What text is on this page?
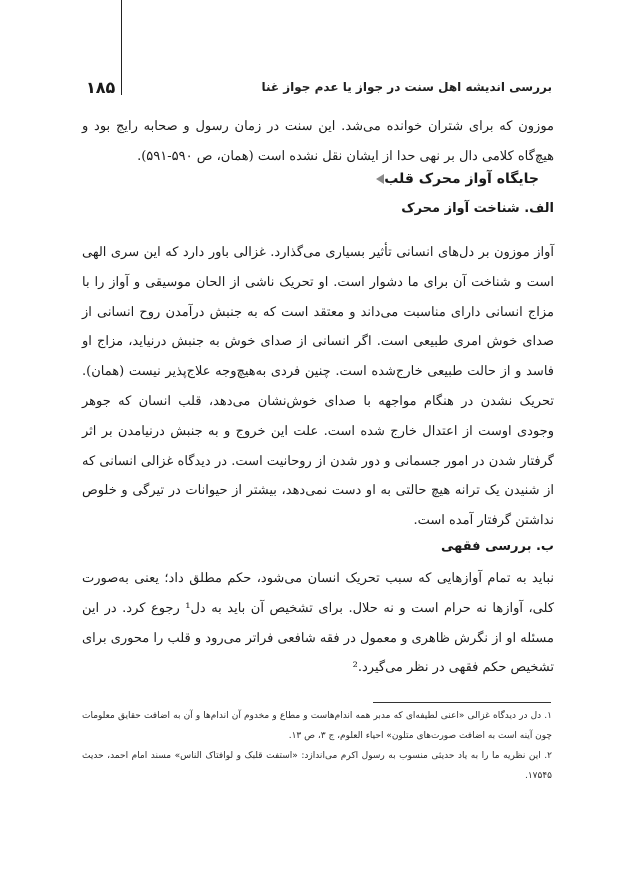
۱۸۵	بررسی اندیشه اهل سنت در جواز یا عدم جواز غنا

موزون که برای شتران خوانده می‌شد. این سنت در زمان رسول و صحابه رایج بود و هیچ‌گاه کلامی دال بر نهی حدا از ایشان نقل نشده است (همان، ص ۵۹۰-۵۹۱).

جایگاه آواز محرک قلب
الف. شناخت آواز محرک

آواز موزون بر دل‌های انسانی تأثیر بسیاری می‌گذارد. غزالی باور دارد که این سری الهی است و شناخت آن برای ما دشوار است. او تحریک ناشی از الحان موسیقی و آواز را با مزاج انسانی دارای مناسبت می‌داند و معتقد است که به جنبش درآمدن روح انسانی از صدای خوش امری طبیعی است. اگر انسانی از صدای خوش به جنبش درنیاید، مزاج او فاسد و از حالت طبیعی خارج‌شده است. چنین فردی به‌هیچ‌وجه علاج‌پذیر نیست (همان). تحریک نشدن در هنگام مواجهه با صدای خوش‌نشان می‌دهد، قلب انسان که جوهر وجودی اوست از اعتدال خارج شده است. علت این خروج و به جنبش درنیامدن بر اثر گرفتار شدن در امور جسمانی و دور شدن از روحانیت است. در دیدگاه غزالی انسانی که از شنیدن یک ترانه هیچ حالتی به او دست نمی‌دهد، بیشتر از حیوانات در تیرگی و خلوص نداشتن گرفتار آمده است.

ب. بررسی فقهی

نباید به تمام آوازهایی که سبب تحریک انسان می‌شود، حکم مطلق داد؛ یعنی به‌صورت کلی، آوازها نه حرام است و نه حلال. برای تشخیص آن باید به دل¹ رجوع کرد. در این مسئله او از نگرش ظاهری و معمول در فقه شافعی فراتر می‌رود و قلب را محوری برای تشخیص حکم فقهی در نظر می‌گیرد.²

۱. دل در دیدگاه غزالی «اعنی لطیفه‌ای که مدبر همه اندام‌هاست و مطاع و مخدوم آن اندام‌ها و آن به اضافت حقایق معلومات چون آینه است به اضافت صورت‌های متلون» احیاء العلوم، ج ۳، ص ۱۳.

۲. این نظریه ما را به یاد حدیثی منسوب به رسول اکرم می‌اندازد: «استفت قلبک و لوافتاک الناس» مسند امام احمد، حدیث ۱۷۵۴۵.
